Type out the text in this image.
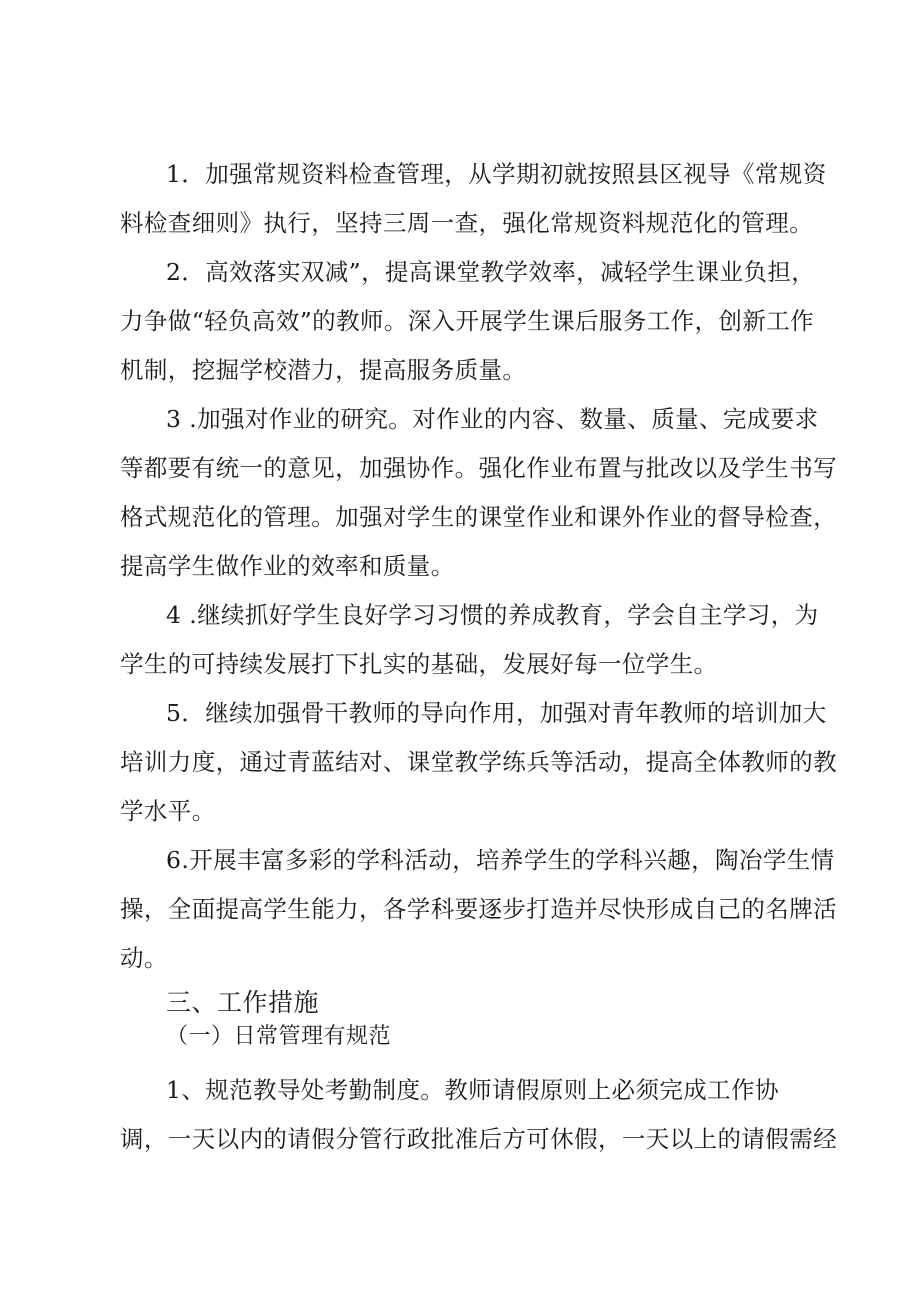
1．加强常规资料检查管理，从学期初就按照县区视导《常规资
料检查细则》执行，坚持三周一查，强化常规资料规范化的管理。
2．高效落实双减”，提高课堂教学效率，减轻学生课业负担，
力争做“轻负高效”的教师。深入开展学生课后服务工作，创新工作
机制，挖掘学校潜力，提高服务质量。
3 .加强对作业的研究。对作业的内容、数量、质量、完成要求
等都要有统一的意见，加强协作。强化作业布置与批改以及学生书写
格式规范化的管理。加强对学生的课堂作业和课外作业的督导检查，
提高学生做作业的效率和质量。
4 .继续抓好学生良好学习习惯的养成教育，学会自主学习，为
学生的可持续发展打下扎实的基础，发展好每一位学生。
5．继续加强骨干教师的导向作用，加强对青年教师的培训加大
培训力度，通过青蓝结对、课堂教学练兵等活动，提高全体教师的教
学水平。
6.开展丰富多彩的学科活动，培养学生的学科兴趣，陶冶学生情
操，全面提高学生能力，各学科要逐步打造并尽快形成自己的名牌活
动。
三、工作措施
（一）日常管理有规范
1、规范教导处考勤制度。教师请假原则上必须完成工作协
调，一天以内的请假分管行政批准后方可休假，一天以上的请假需经
